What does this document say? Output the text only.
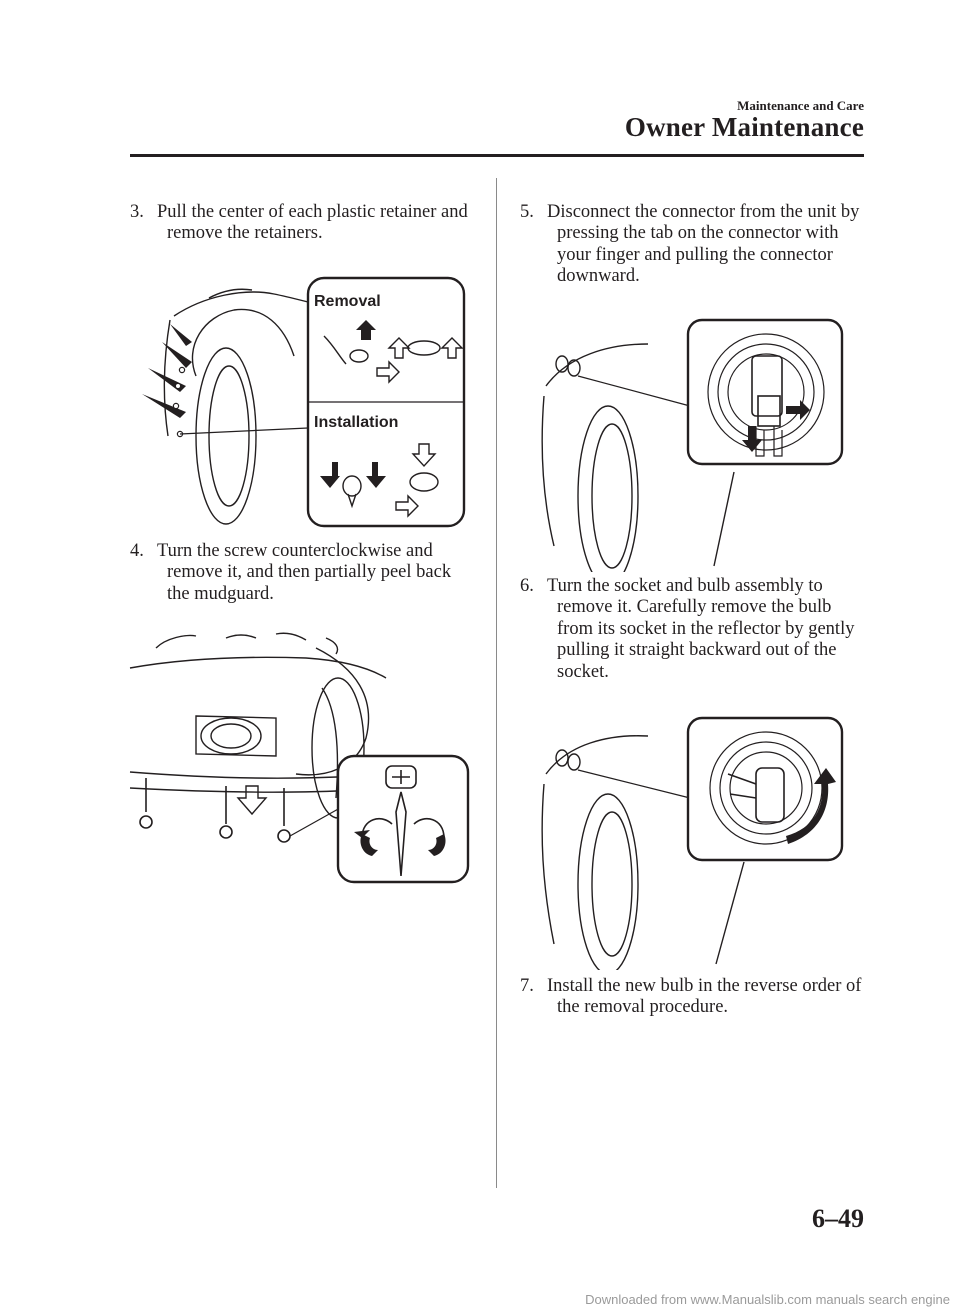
Maintenance and Care
Owner Maintenance
3. Pull the center of each plastic retainer and remove the retainers.
Removal
Installation
4. Turn the screw counterclockwise and remove it, and then partially peel back the mudguard.
5. Disconnect the connector from the unit by pressing the tab on the connector with your finger and pulling the connector downward.
6. Turn the socket and bulb assembly to remove it. Carefully remove the bulb from its socket in the reflector by gently pulling it straight backward out of the socket.
7. Install the new bulb in the reverse order of the removal procedure.
6–49
Downloaded from www.Manualslib.com manuals search engine
